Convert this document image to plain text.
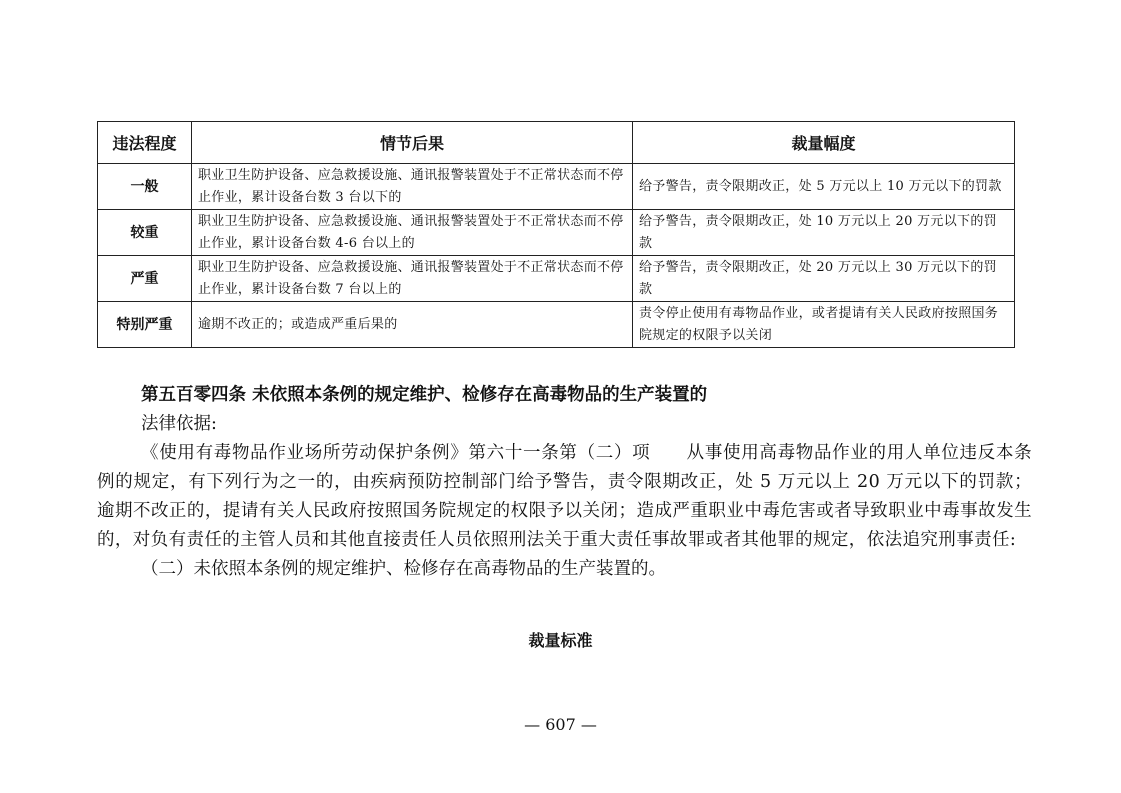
违法程度	情节后果	裁量幅度
一般	职业卫生防护设备、应急救援设施、通讯报警装置处于不正常状态而不停止作业，累计设备台数 3 台以下的	给予警告，责令限期改正，处 5 万元以上 10 万元以下的罚款

较重	职业卫生防护设备、应急救援设施、通讯报警装置处于不正常状态而不停止作业，累计设备台数 4-6 台以上的	给予警告，责令限期改正，处 10 万元以上 20 万元以下的罚款

严重	职业卫生防护设备、应急救援设施、通讯报警装置处于不正常状态而不停止作业，累计设备台数 7 台以上的	给予警告，责令限期改正，处 20 万元以上 30 万元以下的罚款

特别严重	逾期不改正的；或造成严重后果的	责令停止使用有毒物品作业，或者提请有关人民政府按照国务院规定的权限予以关闭

第五百零四条 未依照本条例的规定维护、检修存在高毒物品的生产装置的

法律依据:

《使用有毒物品作业场所劳动保护条例》第六十一条第（二）项 从事使用高毒物品作业的用人单位违反本条例的规定，有下列行为之一的，由疾病预防控制部门给予警告，责令限期改正，处 5 万元以上 20 万元以下的罚款；逾期不改正的，提请有关人民政府按照国务院规定的权限予以关闭；造成严重职业中毒危害或者导致职业中毒事故发生的，对负有责任的主管人员和其他直接责任人员依照刑法关于重大责任事故罪或者其他罪的规定，依法追究刑事责任:

（二）未依照本条例的规定维护、检修存在高毒物品的生产装置的。

裁量标准
— 607 —
